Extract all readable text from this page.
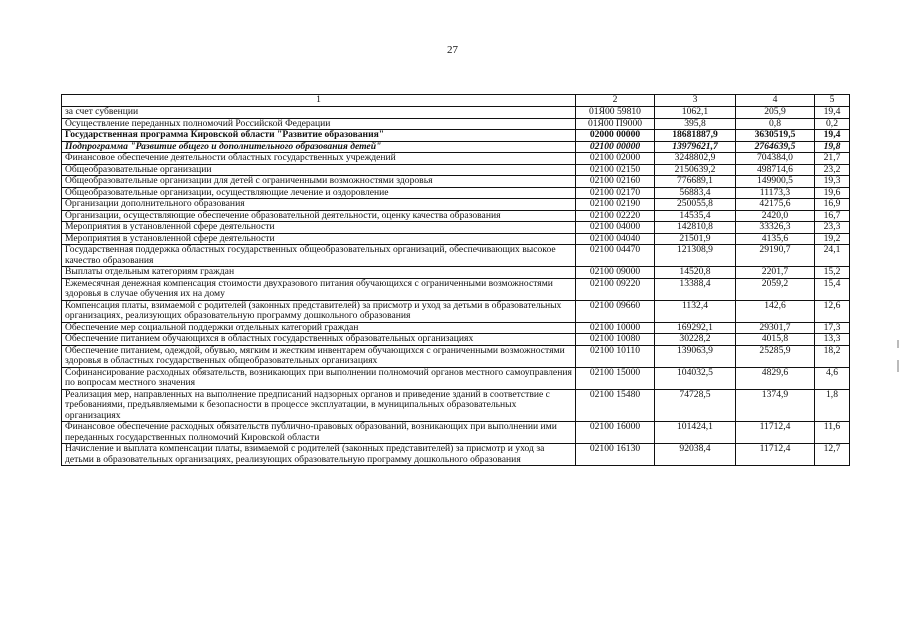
27
1	2	3	4	5
за счет субвенции	01Я00 59810	1062,1	205,9	19,4
Осуществление переданных полномочий Российской Федерации	01Я00 П9000	395,8	0,8	0,2
Государственная программа Кировской области "Развитие образования"	02000 00000	18681887,9	3630519,5	19,4
Подпрограмма "Развитие общего и дополнительного образования детей"	02100 00000	13979621,7	2764639,5	19,8
Финансовое обеспечение деятельности областных государственных учреждений	02100 02000	3248802,9	704384,0	21,7
Общеобразовательные организации	02100 02150	2150639,2	498714,6	23,2
Общеобразовательные организации для детей с ограниченными возможностями здоровья	02100 02160	776689,1	149900,5	19,3
Общеобразовательные организации, осуществляющие лечение и оздоровление	02100 02170	56883,4	11173,3	19,6
Организации дополнительного образования	02100 02190	250055,8	42175,6	16,9
Организации, осуществляющие обеспечение образовательной деятельности, оценку качества образования	02100 02220	14535,4	2420,0	16,7
Мероприятия в установленной сфере деятельности	02100 04000	142810,8	33326,3	23,3
Мероприятия в установленной сфере деятельности	02100 04040	21501,9	4135,6	19,2
Государственная поддержка областных государственных общеобразовательных организаций, обеспечивающих высокое качество образования	02100 04470	121308,9	29190,7	24,1
Выплаты отдельным категориям граждан	02100 09000	14520,8	2201,7	15,2
Ежемесячная денежная компенсация стоимости двухразового питания обучающихся с ограниченными возможностями здоровья в случае обучения их на дому	02100 09220	13388,4	2059,2	15,4
Компенсация платы, взимаемой с родителей (законных представителей) за присмотр и уход за детьми в образовательных организациях, реализующих образовательную программу дошкольного образования	02100 09660	1132,4	142,6	12,6
Обеспечение мер социальной поддержки отдельных категорий граждан	02100 10000	169292,1	29301,7	17,3
Обеспечение питанием обучающихся в областных государственных образовательных организациях	02100 10080	30228,2	4015,8	13,3
Обеспечение питанием, одеждой, обувью, мягким и жестким инвентарем обучающихся с ограниченными возможностями здоровья в областных государственных общеобразовательных организациях	02100 10110	139063,9	25285,9	18,2
Софинансирование расходных обязательств, возникающих при выполнении полномочий органов местного самоуправления по вопросам местного значения	02100 15000	104032,5	4829,6	4,6
Реализация мер, направленных на выполнение предписаний надзорных органов и приведение зданий в соответствие с требованиями, предъявляемыми к безопасности в процессе эксплуатации, в муниципальных образовательных организациях	02100 15480	74728,5	1374,9	1,8
Финансовое обеспечение расходных обязательств публично-правовых образований, возникающих при выполнении ими переданных государственных полномочий Кировской области	02100 16000	101424,1	11712,4	11,6
Начисление и выплата компенсации платы, взимаемой с родителей (законных представителей) за присмотр и уход за детьми в образовательных организациях, реализующих образовательную программу дошкольного образования	02100 16130	92038,4	11712,4	12,7
